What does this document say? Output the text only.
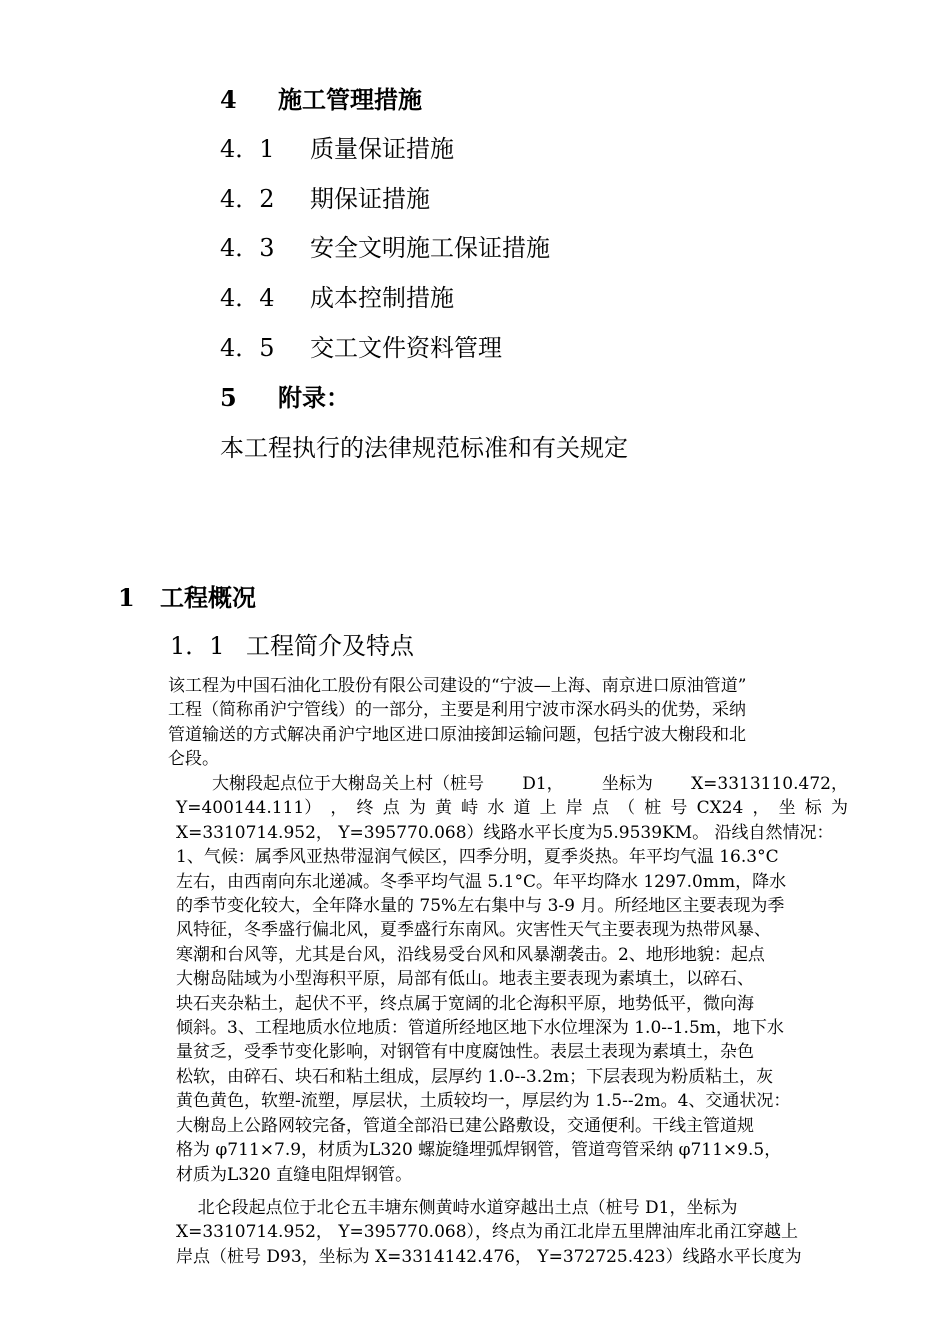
4 施工管理措施
4．1 质量保证措施
4．2 期保证措施
4．3 安全文明施工保证措施
4．4 成本控制措施
4．5 交工文件资料管理
5 附录：
本工程执行的法律规范标准和有关规定
1 工程概况
1．1 工程简介及特点
该工程为中国石油化工股份有限公司建设的“宁波—上海、南京进口原油管道”
工程（简称甬沪宁管线）的一部分，主要是利用宁波市深水码头的优势，采纳
管道输送的方式解决甬沪宁地区进口原油接卸运输问题，包括宁波大榭段和北
仑段。
大榭段起点位于大榭岛关上村（桩号 D1， 坐标为 X=3313110.472，
Y=400144.111） ， 终 点 为 黄 峙 水 道 上 岸 点 （ 桩 号 CX24 ， 坐 标 为
X=3310714.952， Y=395770.068）线路水平长度为5.9539KM。 沿线自然情况：
1、气候：属季风亚热带湿润气候区，四季分明，夏季炎热。年平均气温 16.3°C
左右，由西南向东北递减。冬季平均气温 5.1°C。年平均降水 1297.0mm，降水
的季节变化较大，全年降水量的 75%左右集中与 3-9 月。所经地区主要表现为季
风特征，冬季盛行偏北风，夏季盛行东南风。灾害性天气主要表现为热带风暴、
寒潮和台风等，尤其是台风，沿线易受台风和风暴潮袭击。2、地形地貌：起点
大榭岛陆域为小型海积平原，局部有低山。地表主要表现为素填土，以碎石、
块石夹杂粘土，起伏不平，终点属于宽阔的北仑海积平原，地势低平，微向海
倾斜。3、工程地质水位地质：管道所经地区地下水位埋深为 1.0--1.5m，地下水
量贫乏，受季节变化影响，对钢管有中度腐蚀性。表层土表现为素填土，杂色
松软，由碎石、块石和粘土组成，层厚约 1.0--3.2m；下层表现为粉质粘土，灰
黄色黄色，软塑-流塑，厚层状，土质较均一，厚层约为 1.5--2m。4、交通状况：
大榭岛上公路网较完备，管道全部沿已建公路敷设，交通便利。干线主管道规
格为 φ711×7.9，材质为L320 螺旋缝埋弧焊钢管，管道弯管采纳 φ711×9.5，
材质为L320 直缝电阻焊钢管。
北仑段起点位于北仑五丰塘东侧黄峙水道穿越出土点（桩号 D1，坐标为
X=3310714.952， Y=395770.068），终点为甬江北岸五里牌油库北甬江穿越上
岸点（桩号 D93，坐标为 X=3314142.476， Y=372725.423）线路水平长度为
